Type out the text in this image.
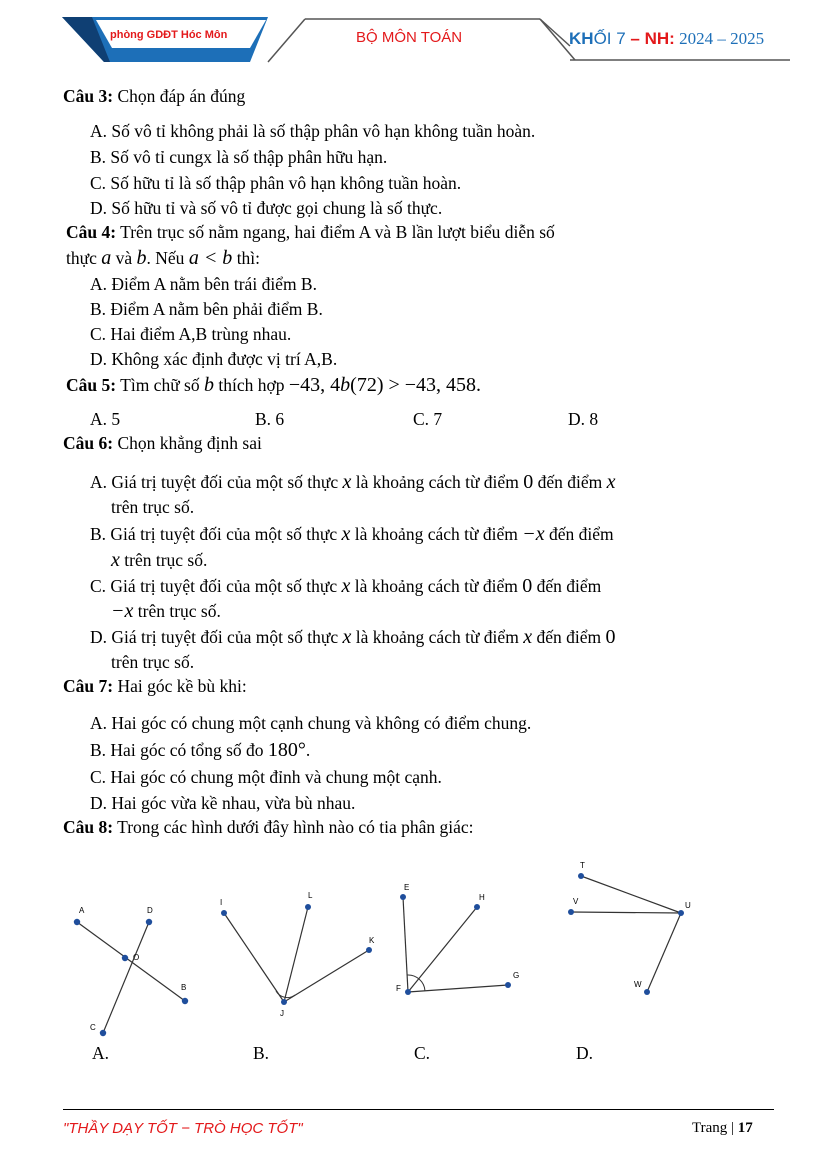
phòng GDĐT Hóc Môn	BỘ MÔN TOÁN	KHỐI 7 – NH: 2024 – 2025
Câu 3: Chọn đáp án đúng
A. Số vô tỉ không phải là số thập phân vô hạn không tuần hoàn.
B. Số vô tỉ cungx là số thập phân hữu hạn.
C. Số hữu tỉ là số thập phân vô hạn không tuần hoàn.
D. Số hữu tỉ và số vô tỉ được gọi chung là số thực.
Câu 4: Trên trục số nằm ngang, hai điểm A và B lần lượt biểu diễn số
thực a và b. Nếu a < b thì:
A. Điểm A nằm bên trái điểm B.
B. Điểm A nằm bên phải điểm B.
C. Hai điểm A,B trùng nhau.
D. Không xác định được vị trí A,B.
Câu 5: Tìm chữ số b thích hợp −43, 4b(72) > −43, 458.
A. 5	B. 6	C. 7	D. 8
Câu 6: Chọn khẳng định sai
A. Giá trị tuyệt đối của một số thực x là khoảng cách từ điểm 0 đến điểm x
trên trục số.
B. Giá trị tuyệt đối của một số thực x là khoảng cách từ điểm −x đến điểm
x trên trục số.
C. Giá trị tuyệt đối của một số thực x là khoảng cách từ điểm 0 đến điểm
−x trên trục số.
D. Giá trị tuyệt đối của một số thực x là khoảng cách từ điểm x đến điểm 0
trên trục số.
Câu 7: Hai góc kề bù khi:
A. Hai góc có chung một cạnh chung và không có điểm chung.
B. Hai góc có tổng số đo 180°.
C. Hai góc có chung một đỉnh và chung một cạnh.
D. Hai góc vừa kề nhau, vừa bù nhau.
Câu 8: Trong các hình dưới đây hình nào có tia phân giác:
A	D
O
C
B
I
L
K
J
E
H
F
G
T
V	U
W
A.	B.	C.	D.
"THẦY DẠY TỐT − TRÒ HỌC TỐT"	Trang | 17
